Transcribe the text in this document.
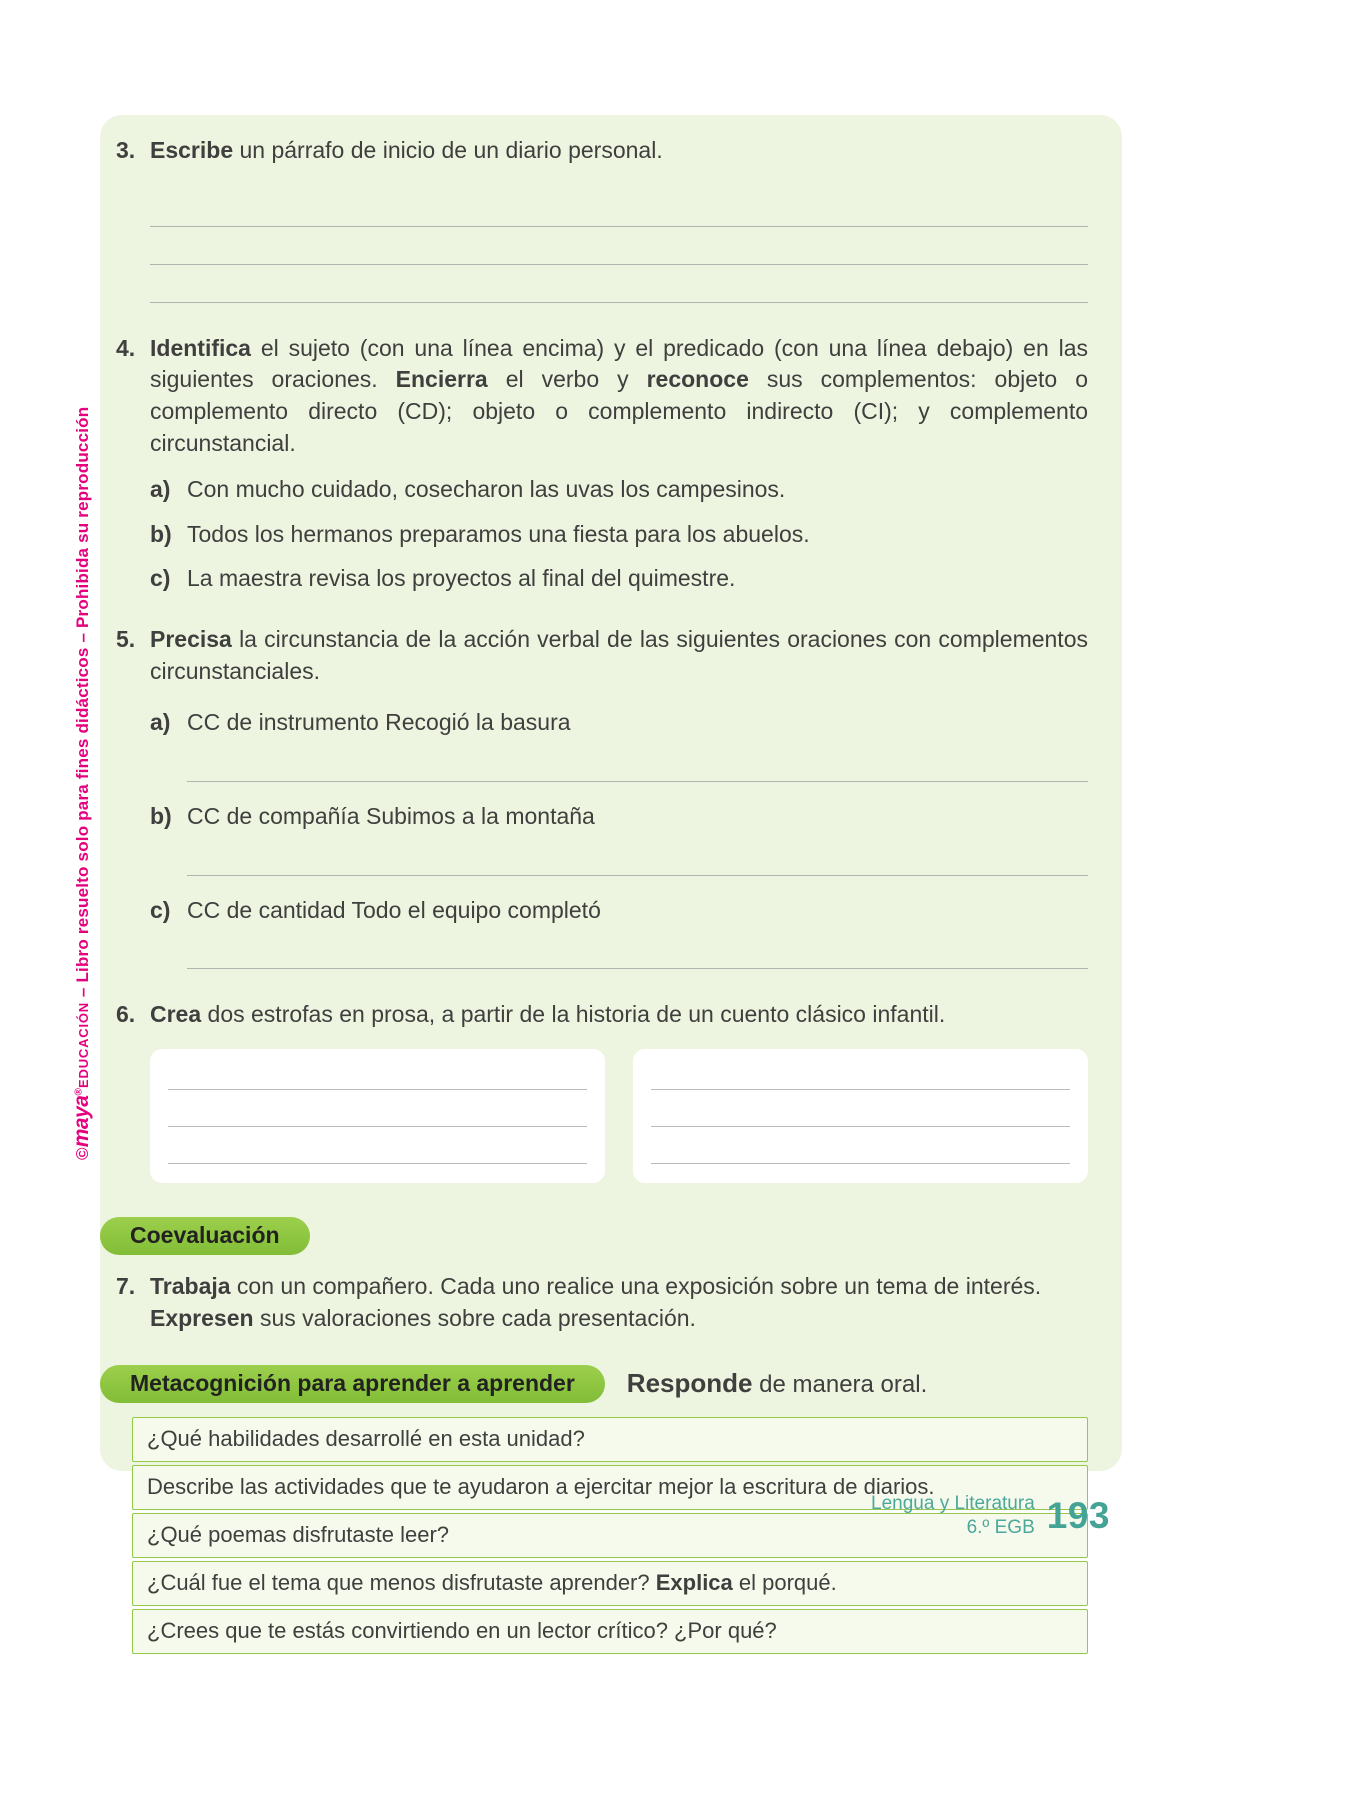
©maya®EDUCACIÓN – Libro resuelto solo para fines didácticos – Prohibida su reproducción
3. Escribe un párrafo de inicio de un diario personal.

4. Identifica el sujeto (con una línea encima) y el predicado (con una línea debajo) en las siguientes oraciones. Encierra el verbo y reconoce sus complementos: objeto o complemento directo (CD); objeto o complemento indirecto (CI); y complemento circunstancial.

a) Con mucho cuidado, cosecharon las uvas los campesinos.
b) Todos los hermanos preparamos una fiesta para los abuelos.
c) La maestra revisa los proyectos al final del quimestre.
5. Precisa la circunstancia de la acción verbal de las siguientes oraciones con complementos circunstanciales.

a) CC de instrumento Recogió la basura
b) CC de compañía Subimos a la montaña
c) CC de cantidad Todo el equipo completó
6. Crea dos estrofas en prosa, a partir de la historia de un cuento clásico infantil.

Coevaluación
7. Trabaja con un compañero. Cada uno realice una exposición sobre un tema de interés. Expresen sus valoraciones sobre cada presentación.

Metacognición para aprender a aprender	Responde de manera oral.
¿Qué habilidades desarrollé en esta unidad?
Describe las actividades que te ayudaron a ejercitar mejor la escritura de diarios.
¿Qué poemas disfrutaste leer?
¿Cuál fue el tema que menos disfrutaste aprender? Explica el porqué.
¿Crees que te estás convirtiendo en un lector crítico? ¿Por qué?
Lengua y Literatura
6.º EGB 193
